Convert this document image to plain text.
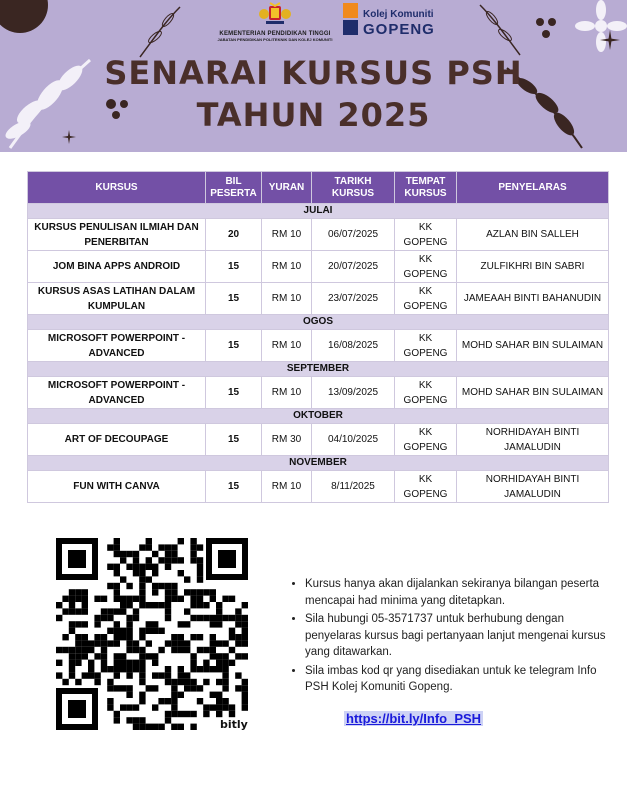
KEMENTERIAN PENDIDIKAN TINGGI
JABATAN PENDIDIKAN POLITEKNIK DAN KOLEJ KOMUNITI
Kolej Komuniti
GOPENG
SENARAI KURSUS PSH
TAHUN 2025
KURSUS	BIL PESERTA	YURAN	TARIKH KURSUS	TEMPAT KURSUS	PENYELARAS
JULAI					
KURSUS PENULISAN ILMIAH DAN PENERBITAN	20	RM 10	06/07/2025	KK GOPENG	AZLAN BIN SALLEH
JOM BINA APPS ANDROID	15	RM 10	20/07/2025	KK GOPENG	ZULFIKHRI BIN SABRI
KURSUS ASAS LATIHAN DALAM KUMPULAN	15	RM 10	23/07/2025	KK GOPENG	JAMEAAH BINTI BAHANUDIN
OGOS					
MICROSOFT POWERPOINT - ADVANCED	15	RM 10	16/08/2025	KK GOPENG	MOHD SAHAR BIN SULAIMAN
SEPTEMBER					
MICROSOFT POWERPOINT - ADVANCED	15	RM 10	13/09/2025	KK GOPENG	MOHD SAHAR BIN SULAIMAN
OKTOBER					
ART OF DECOUPAGE	15	RM 30	04/10/2025	KK GOPENG	NORHIDAYAH BINTI JAMALUDIN
NOVEMBER					
FUN WITH CANVA	15	RM 10	8/11/2025	KK GOPENG	NORHIDAYAH BINTI JAMALUDIN
bitly
• Kursus hanya akan dijalankan sekiranya bilangan peserta mencapai had minima yang ditetapkan.
• Sila hubungi 05-3571737 untuk berhubung dengan penyelaras kursus bagi pertanyaan lanjut mengenai kursus yang ditawarkan.
• Sila imbas kod qr yang disediakan untuk ke telegram Info PSH Kolej Komuniti Gopeng.
https://bit.ly/Info_PSH
